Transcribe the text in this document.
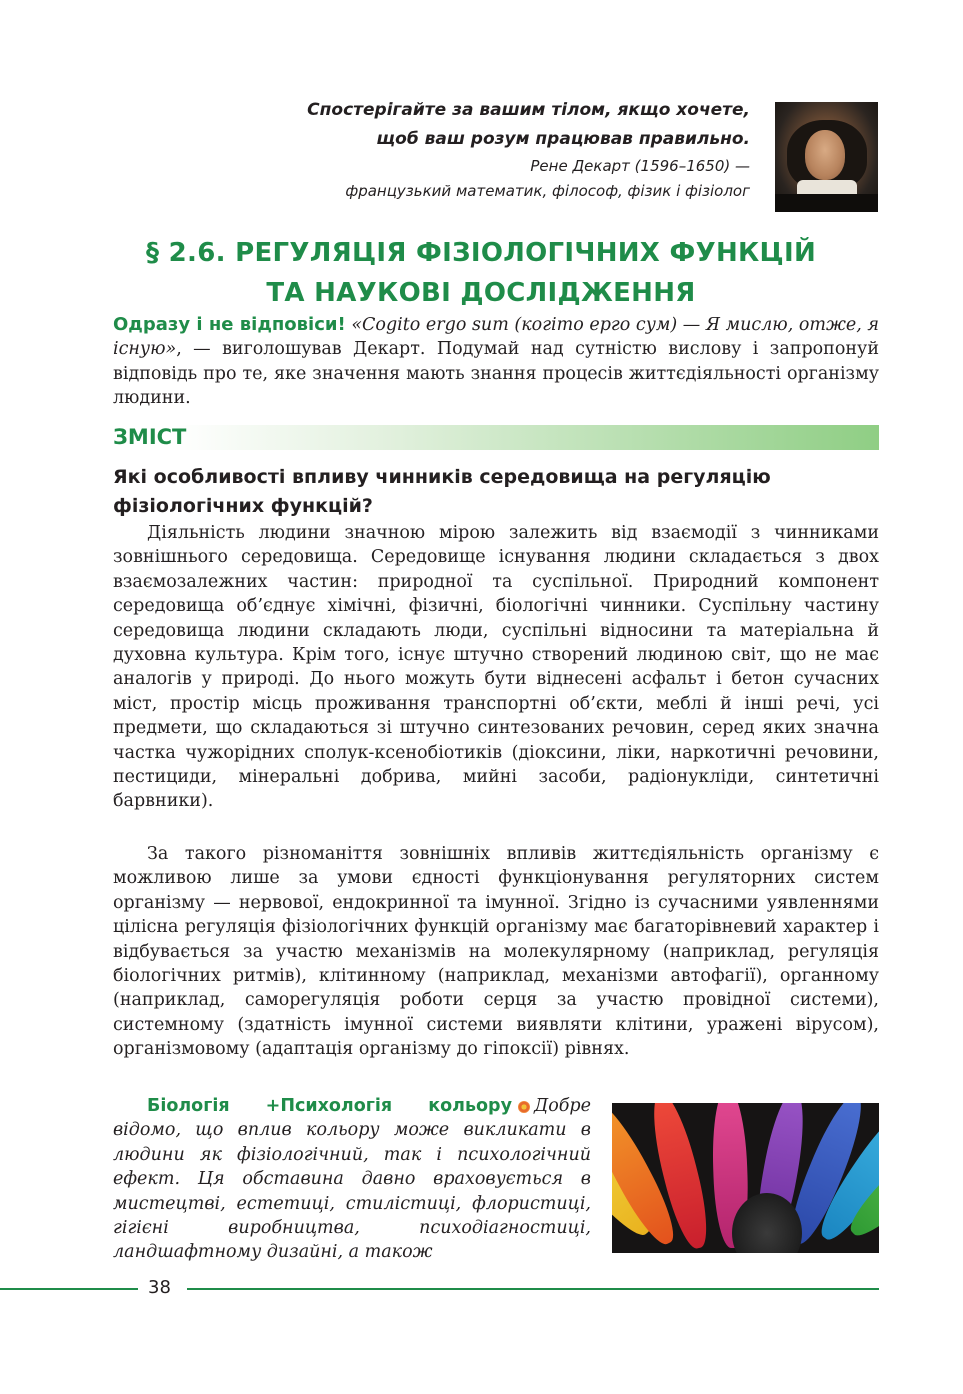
Спостерігайте за вашим тілом, якщо хочете,
щоб ваш розум працював правильно.
Рене Декарт (1596–1650) —
французький математик, філософ, фізик і фізіолог
§ 2.6. РЕГУЛЯЦІЯ ФІЗІОЛОГІЧНИХ ФУНКЦІЙ
ТА НАУКОВІ ДОСЛІДЖЕННЯ
Одразу і не відповіси! «Cogito ergo sum (когіто ерго сум) — Я мислю, отже, я існую», — виголошував Декарт. Подумай над сутністю вислову і запропонуй відповідь про те, яке значення мають знання процесів життєдіяльності організму людини.
ЗМІСТ
Які особливості впливу чинників середовища на регуляцію
фізіологічних функцій?
Діяльність людини значною мірою залежить від взаємодії з чинниками зовнішнього середовища. Середовище існування людини складається з двох взаємозалежних частин: природної та суспільної. Природний компонент середовища об’єднує хімічні, фізичні, біологічні чинники. Суспільну частину середовища людини складають люди, суспільні відносини та матеріальна й духовна культура. Крім того, існує штучно створений людиною світ, що не має аналогів у природі. До нього можуть бути віднесені асфальт і бетон сучасних міст, простір місць проживання транспортні об’єкти, меблі й інші речі, усі предмети, що складаються зі штучно синтезованих речовин, серед яких значна частка чужорідних сполук-ксенобіотиків (діоксини, ліки, наркотичні речовини, пестициди, мінеральні добрива, мийні засоби, радіонукліди, синтетичні барвники).
За такого різноманіття зовнішніх впливів життєдіяльність організму є можливою лише за умови єдності функціонування регуляторних систем організму — нервової, ендокринної та імунної. Згідно із сучасними уявленнями цілісна регуляція фізіологічних функцій організму має багаторівневий характер і відбувається за участю механізмів на молекулярному (наприклад, регуляція біологічних ритмів), клітинному (наприклад, механізми автофагії), органному (наприклад, саморегуляція роботи серця за участю провідної системи), системному (здатність імунної системи виявляти клітини, уражені вірусом), організмовому (адаптація організму до гіпоксії) рівнях.
Біологія +Психологія кольору Добре відомо, що вплив кольору може викликати в людини як фізіологічний, так і психологічний ефект. Ця обставина давно враховується в мистецтві, естетиці, стилістиці, флористиці, гігієні виробництва, психодіагностиці, ландшафтному дизайні, а також
38
